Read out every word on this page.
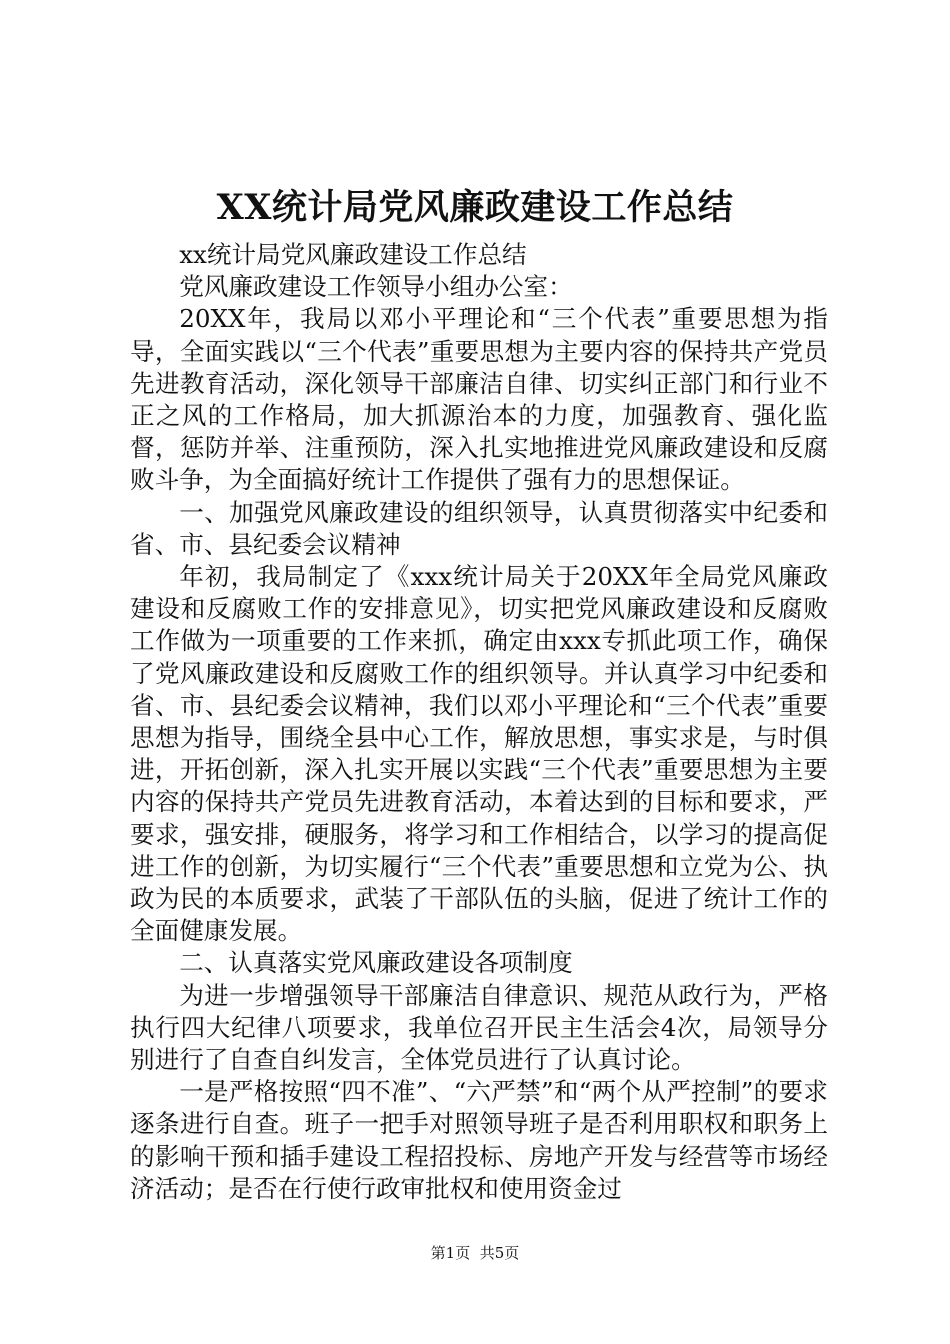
XX统计局党风廉政建设工作总结

xx统计局党风廉政建设工作总结

党风廉政建设工作领导小组办公室：

20XX年，我局以邓小平理论和“三个代表”重要思想为指导，全面实践以“三个代表”重要思想为主要内容的保持共产党员先进教育活动，深化领导干部廉洁自律、切实纠正部门和行业不正之风的工作格局，加大抓源治本的力度，加强教育、强化监督，惩防并举、注重预防，深入扎实地推进党风廉政建设和反腐败斗争，为全面搞好统计工作提供了强有力的思想保证。

一、加强党风廉政建设的组织领导，认真贯彻落实中纪委和省、市、县纪委会议精神

年初，我局制定了《xxx统计局关于20XX年全局党风廉政建设和反腐败工作的安排意见》，切实把党风廉政建设和反腐败工作做为一项重要的工作来抓，确定由xxx专抓此项工作，确保了党风廉政建设和反腐败工作的组织领导。并认真学习中纪委和省、市、县纪委会议精神，我们以邓小平理论和“三个代表”重要思想为指导，围绕全县中心工作，解放思想，事实求是，与时俱进，开拓创新，深入扎实开展以实践“三个代表”重要思想为主要内容的保持共产党员先进教育活动，本着达到的目标和要求，严要求，强安排，硬服务，将学习和工作相结合，以学习的提高促进工作的创新，为切实履行“三个代表”重要思想和立党为公、执政为民的本质要求，武装了干部队伍的头脑，促进了统计工作的全面健康发展。

二、认真落实党风廉政建设各项制度

为进一步增强领导干部廉洁自律意识、规范从政行为，严格执行四大纪律八项要求，我单位召开民主生活会4次，局领导分别进行了自查自纠发言，全体党员进行了认真讨论。

一是严格按照“四不准”、“六严禁”和“两个从严控制”的要求逐条进行自查。班子一把手对照领导班子是否利用职权和职务上的影响干预和插手建设工程招投标、房地产开发与经营等市场经济活动；是否在行使行政审批权和使用资金过

第1页 共5页
